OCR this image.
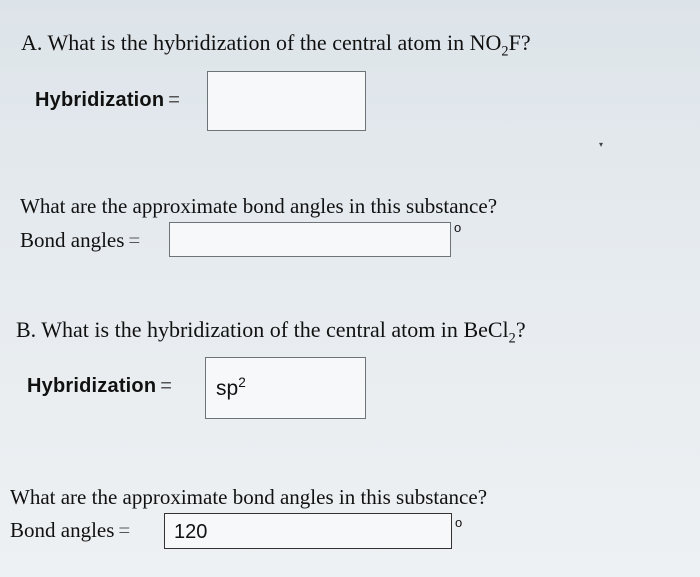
A. What is the hybridization of the central atom in $NO_2F$?
Hybridization =
▾
What are the approximate bond angles in this substance?
Bond angles =
o
B. What is the hybridization of the central atom in BeCl$_2$?
Hybridization = $sp^2$
What are the approximate bond angles in this substance?
Bond angles = 120	o
